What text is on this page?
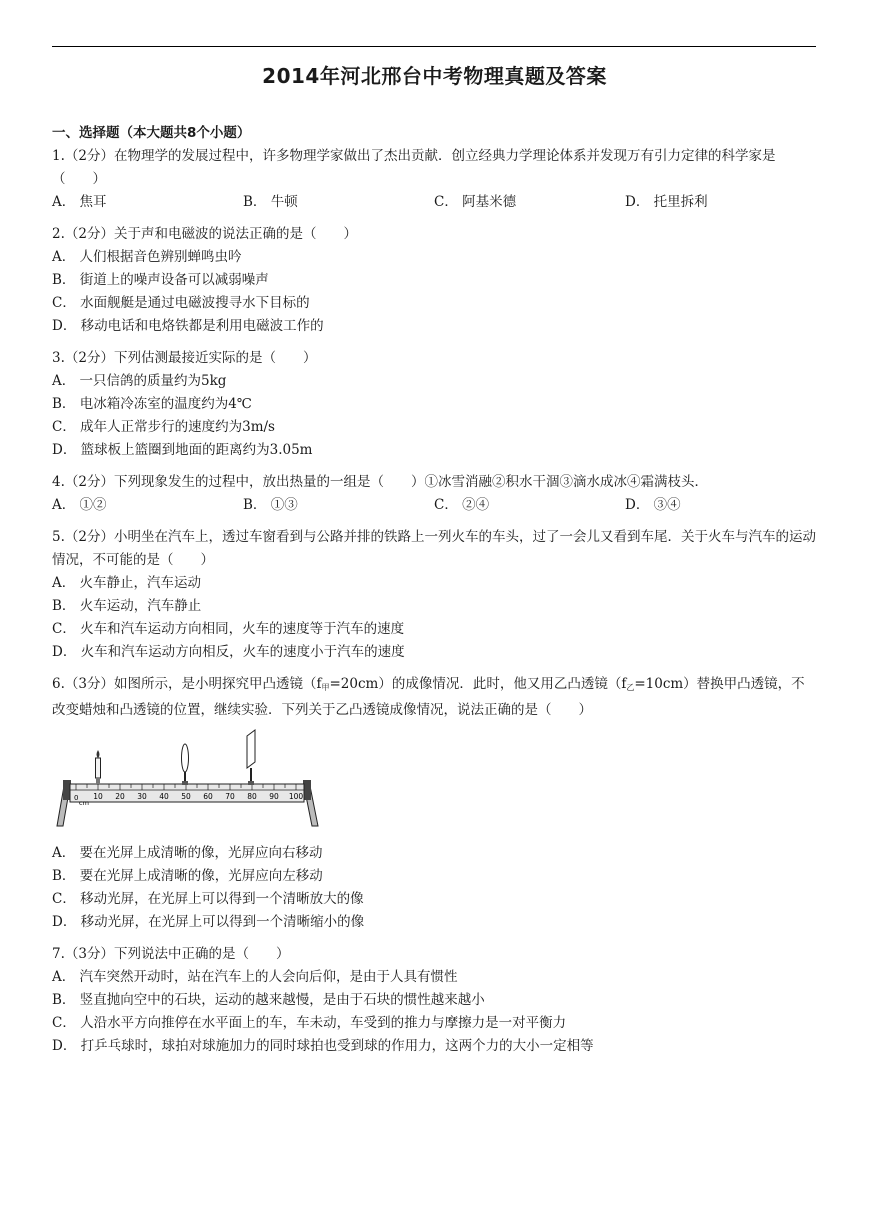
2014年河北邢台中考物理真题及答案
一、选择题（本大题共8个小题）

1.（2分）在物理学的发展过程中，许多物理学家做出了杰出贡献．创立经典力学理论体系并发现万有引力定律的科学家是（　　）

A． 焦耳	B． 牛顿	C． 阿基米德	D． 托里拆利

2.（2分）关于声和电磁波的说法正确的是（　　）

A． 人们根据音色辨别蝉鸣虫吟
B． 街道上的噪声设备可以减弱噪声
C． 水面舰艇是通过电磁波搜寻水下目标的
D． 移动电话和电烙铁都是利用电磁波工作的

3.（2分）下列估测最接近实际的是（　　）

A． 一只信鸽的质量约为5kg
B． 电冰箱冷冻室的温度约为4℃
C． 成年人正常步行的速度约为3m/s
D． 篮球板上篮圈到地面的距离约为3.05m

4.（2分）下列现象发生的过程中，放出热量的一组是（　　）①冰雪消融②积水干涸③滴水成冰④霜满枝头．

A． ①②	B． ①③	C． ②④	D． ③④

5.（2分）小明坐在汽车上，透过车窗看到与公路并排的铁路上一列火车的车头，过了一会儿又看到车尾．关于火车与汽车的运动情况，不可能的是（　　）

A． 火车静止，汽车运动
B． 火车运动，汽车静止
C． 火车和汽车运动方向相同，火车的速度等于汽车的速度
D． 火车和汽车运动方向相反，火车的速度小于汽车的速度

6.（3分）如图所示，是小明探究甲凸透镜$(f_甲=20cm)$的成像情况．此时，他又用乙凸透镜$(f_乙=10cm)$替换甲凸透镜，不改变蜡烛和凸透镜的位置，继续实验．下列关于乙凸透镜成像情况，说法正确的是（　　）

10 20 30 40 50 60 70 80 90 100
0
cm
A． 要在光屏上成清晰的像，光屏应向右移动
B． 要在光屏上成清晰的像，光屏应向左移动
C． 移动光屏，在光屏上可以得到一个清晰放大的像
D． 移动光屏，在光屏上可以得到一个清晰缩小的像

7.（3分）下列说法中正确的是（　　）

A． 汽车突然开动时，站在汽车上的人会向后仰，是由于人具有惯性
B． 竖直抛向空中的石块，运动的越来越慢，是由于石块的惯性越来越小
C． 人沿水平方向推停在水平面上的车，车未动，车受到的推力与摩擦力是一对平衡力
D． 打乒乓球时，球拍对球施加力的同时球拍也受到球的作用力，这两个力的大小一定相等
